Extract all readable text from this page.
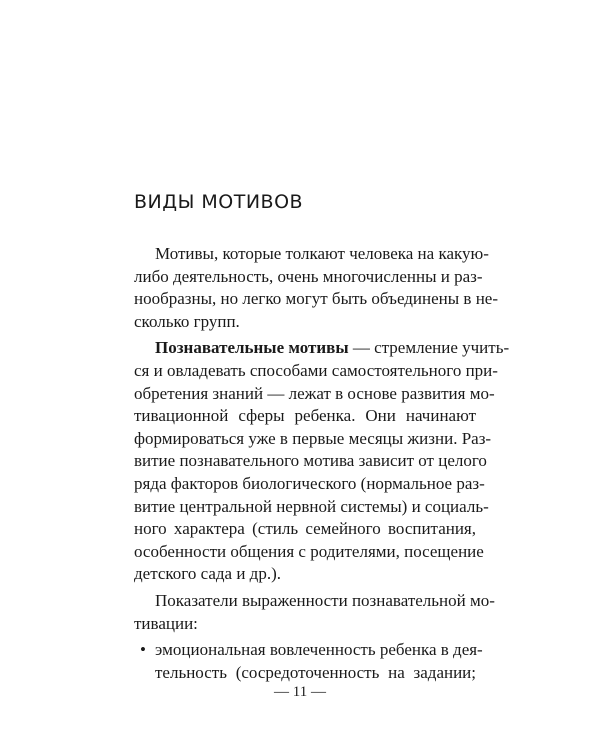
ВИДЫ МОТИВОВ
Мотивы, которые толкают человека на какую-
либо деятельность, очень многочисленны и раз-
нообразны, но легко могут быть объединены в не-
сколько групп.
Познавательные мотивы — стремление учить-
ся и овладевать способами самостоятельного при-
обретения знаний — лежат в основе развития мо-
тивационной сферы ребенка. Они начинают
формироваться уже в первые месяцы жизни. Раз-
витие познавательного мотива зависит от целого
ряда факторов биологического (нормальное раз-
витие центральной нервной системы) и социаль-
ного характера (стиль семейного воспитания,
особенности общения с родителями, посещение
детского сада и др.).
Показатели выраженности познавательной мо-
тивации:
• эмоциональная вовлеченность ребенка в дея-
тельность (сосредоточенность на задании;
— 11 —
